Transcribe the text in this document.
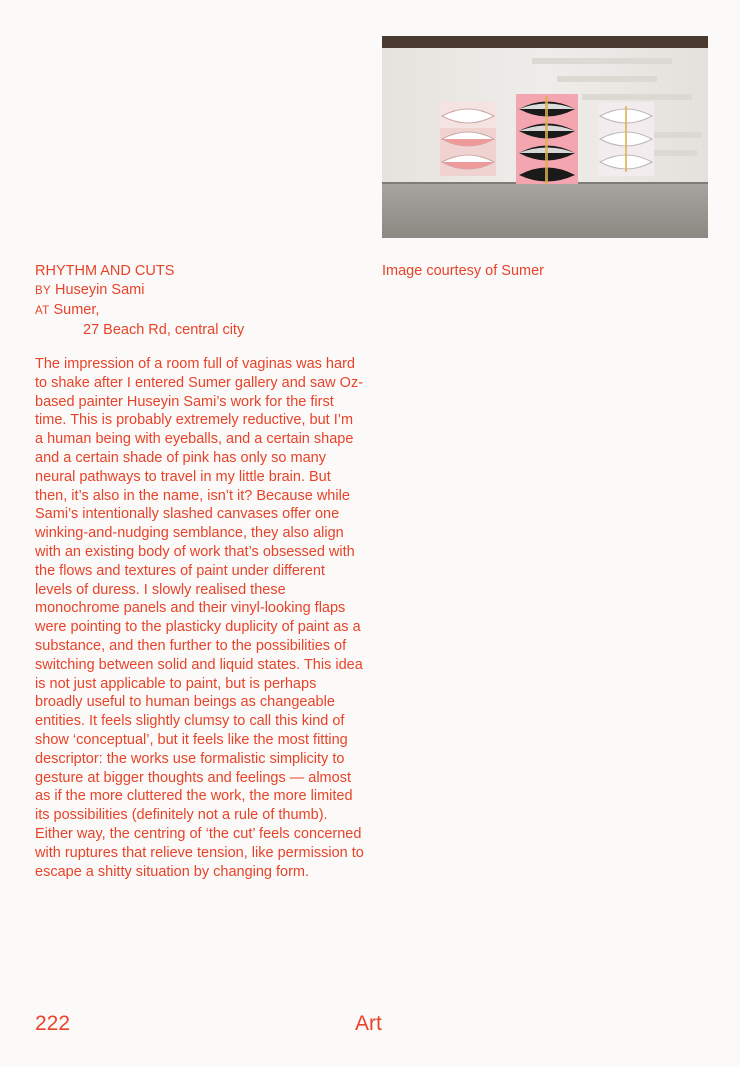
Image courtesy of Sumer
RHYTHM AND CUTS
BY Huseyin Sami
AT Sumer,
27 Beach Rd, central city

The impression of a room full of vaginas was hard to shake after I entered Sumer gallery and saw Oz-based painter Huseyin Sami’s work for the first time. This is probably extremely reductive, but I’m a human being with eyeballs, and a certain shape and a certain shade of pink has only so many neural pathways to travel in my little brain. But then, it’s also in the name, isn’t it? Because while Sami’s intentionally slashed canvases offer one winking-and-nudging semblance, they also align with an existing body of work that’s obsessed with the flows and textures of paint under different levels of duress. I slowly realised these monochrome panels and their vinyl-looking flaps were pointing to the plasticky duplicity of paint as a substance, and then further to the possibilities of switching between solid and liquid states. This idea is not just applicable to paint, but is perhaps broadly useful to human beings as changeable entities. It feels slightly clumsy to call this kind of show ‘conceptual’, but it feels like the most fitting descriptor: the works use formalistic simplicity to gesture at bigger thoughts and feelings — almost as if the more cluttered the work, the more limited its possibilities (definitely not a rule of thumb). Either way, the centring of ‘the cut’ feels concerned with ruptures that relieve tension, like permission to escape a shitty situation by changing form.

222	Art
